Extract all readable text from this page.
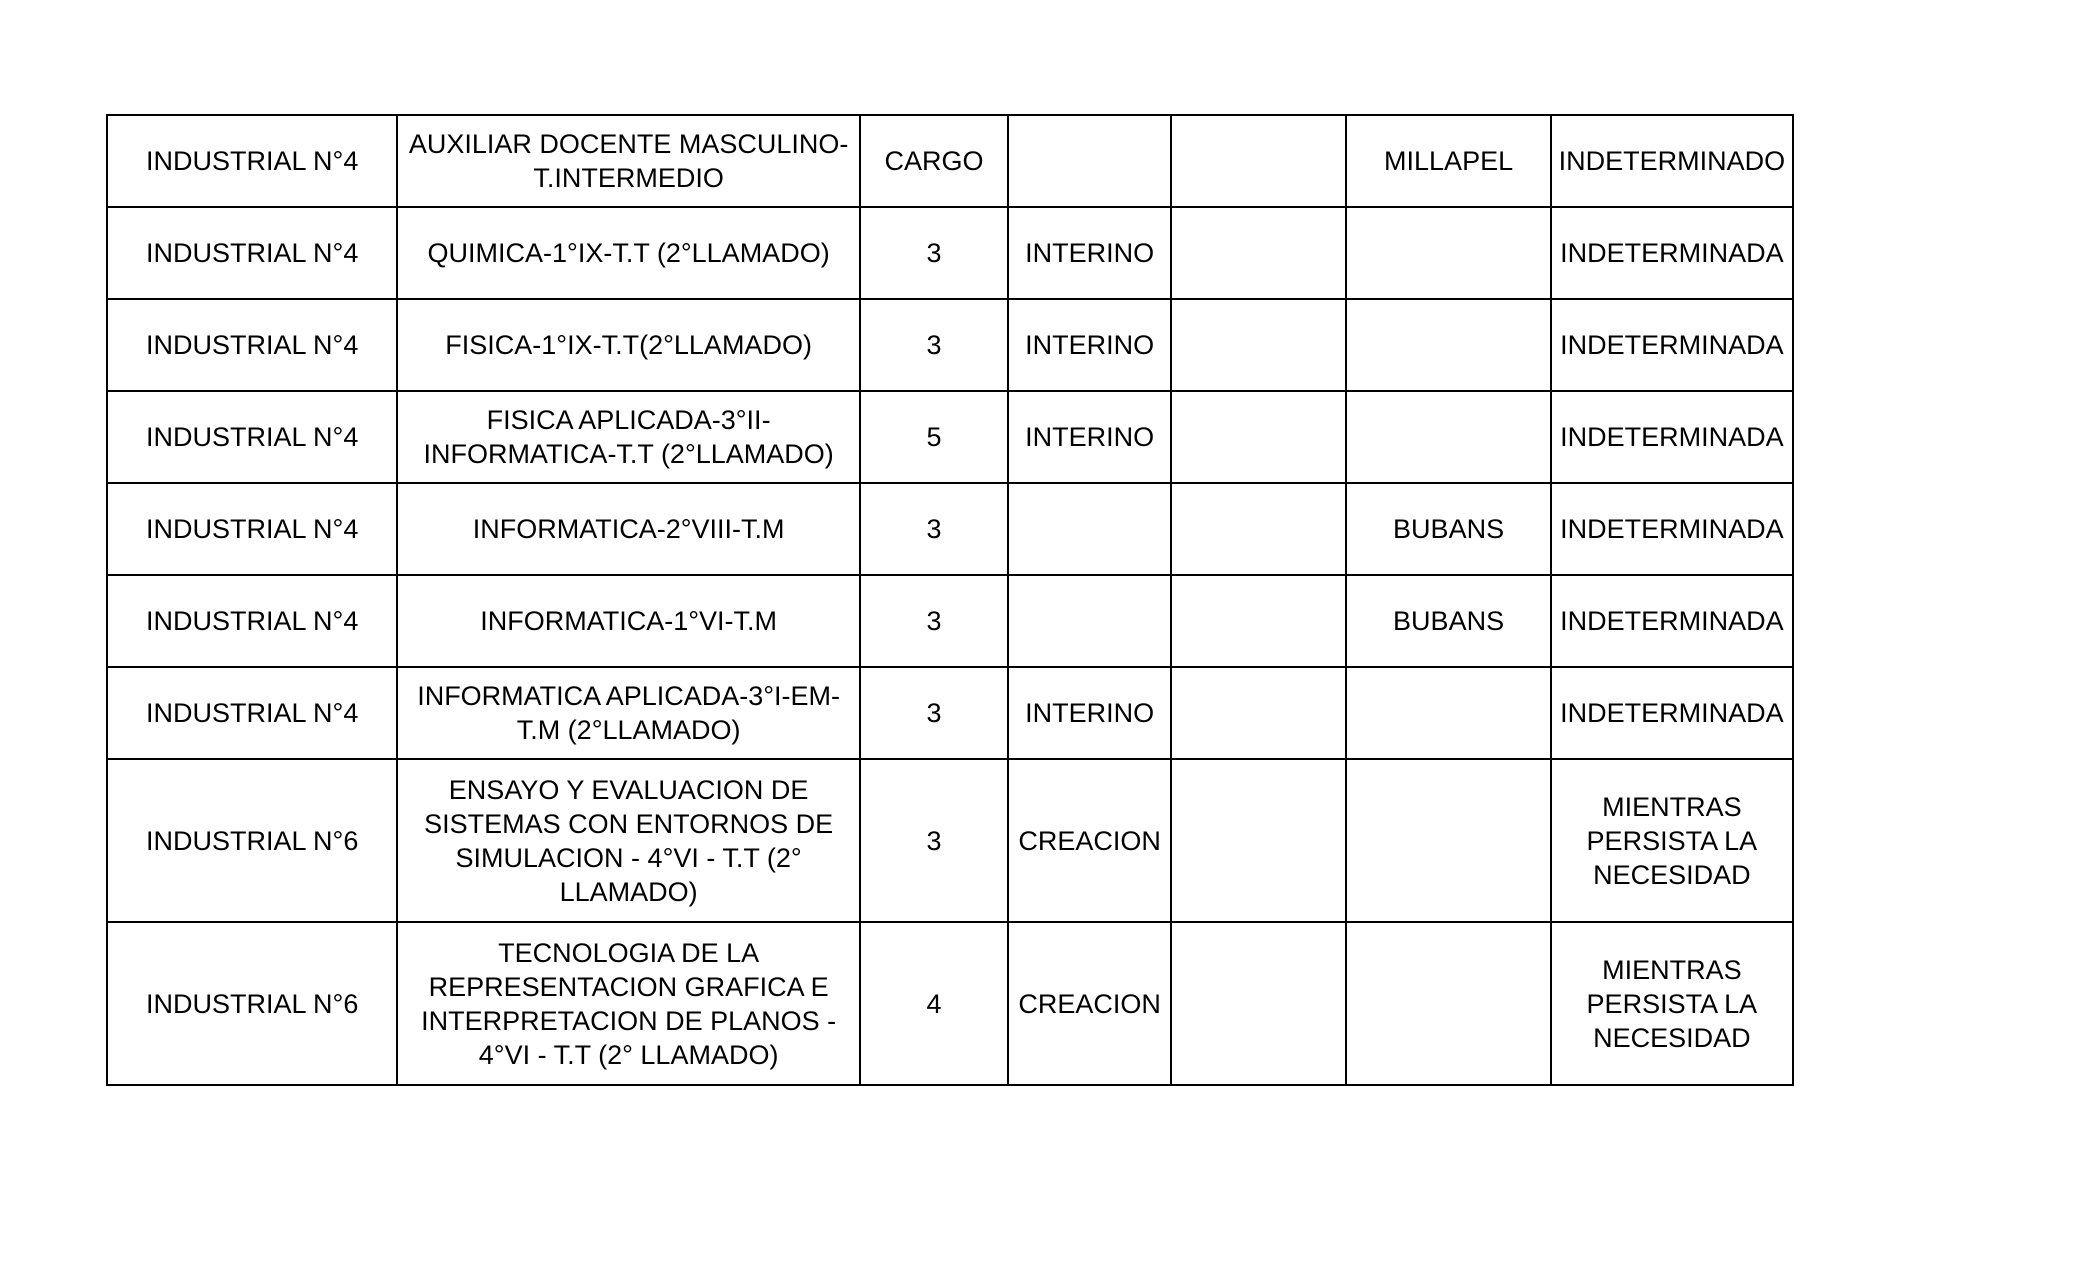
INDUSTRIAL N°4	AUXILIAR DOCENTE MASCULINO-T.INTERMEDIO	CARGO			MILLAPEL	INDETERMINADO
INDUSTRIAL N°4	QUIMICA-1°IX-T.T (2°LLAMADO)	3	INTERINO			INDETERMINADA
INDUSTRIAL N°4	FISICA-1°IX-T.T(2°LLAMADO)	3	INTERINO			INDETERMINADA
INDUSTRIAL N°4	FISICA APLICADA-3°II-INFORMATICA-T.T (2°LLAMADO)	5	INTERINO			INDETERMINADA
INDUSTRIAL N°4	INFORMATICA-2°VIII-T.M	3			BUBANS	INDETERMINADA
INDUSTRIAL N°4	INFORMATICA-1°VI-T.M	3			BUBANS	INDETERMINADA
INDUSTRIAL N°4	INFORMATICA APLICADA-3°I-EM-T.M (2°LLAMADO)	3	INTERINO			INDETERMINADA
INDUSTRIAL N°6	ENSAYO Y EVALUACION DE SISTEMAS CON ENTORNOS DE SIMULACION - 4°VI - T.T (2° LLAMADO)	3	CREACION			MIENTRAS PERSISTA LA NECESIDAD
INDUSTRIAL N°6	TECNOLOGIA DE LA REPRESENTACION GRAFICA E INTERPRETACION DE PLANOS - 4°VI - T.T (2° LLAMADO)	4	CREACION			MIENTRAS PERSISTA LA NECESIDAD
